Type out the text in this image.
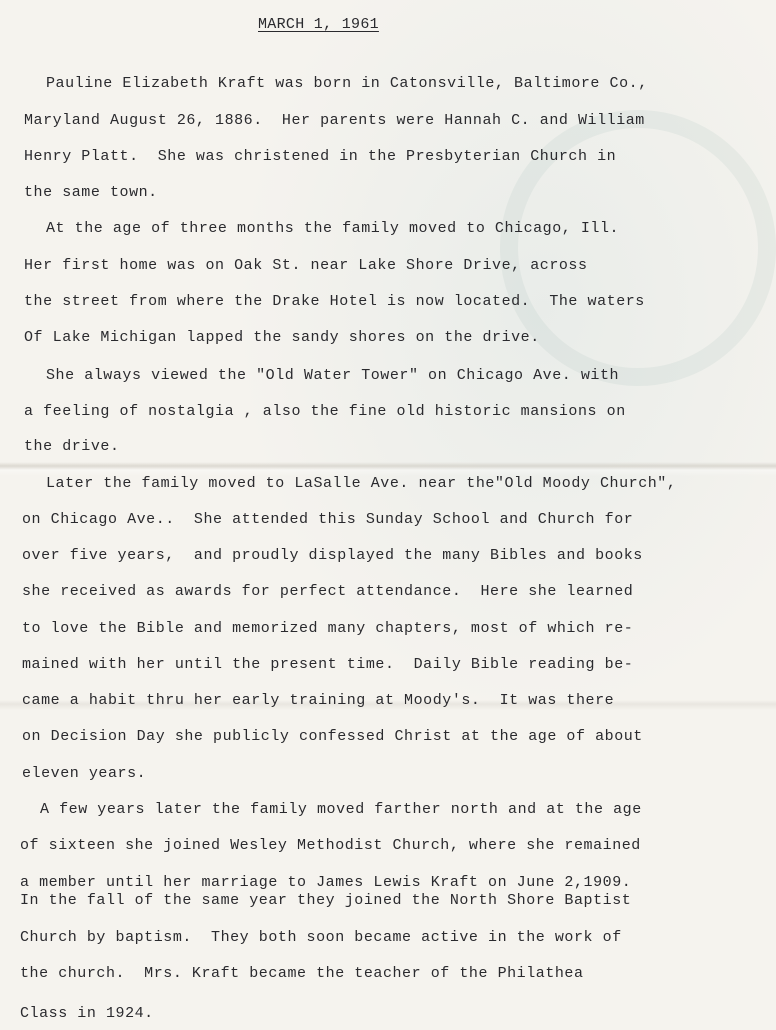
MARCH 1, 1961
Pauline Elizabeth Kraft was born in Catonsville, Baltimore Co.,
Maryland August 26, 1886.  Her parents were Hannah C. and William
Henry Platt.  She was christened in the Presbyterian Church in
the same town.
At the age of three months the family moved to Chicago, Ill.
Her first home was on Oak St. near Lake Shore Drive, across
the street from where the Drake Hotel is now located.  The waters
Of Lake Michigan lapped the sandy shores on the drive.
She always viewed the "Old Water Tower" on Chicago Ave. with
a feeling of nostalgia , also the fine old historic mansions on
the drive.
Later the family moved to LaSalle Ave. near the"Old Moody Church",
on Chicago Ave..  She attended this Sunday School and Church for
over five years,  and proudly displayed the many Bibles and books
she received as awards for perfect attendance.  Here she learned
to love the Bible and memorized many chapters, most of which re-
mained with her until the present time.  Daily Bible reading be-
came a habit thru her early training at Moody's.  It was there
on Decision Day she publicly confessed Christ at the age of about
eleven years.
A few years later the family moved farther north and at the age
of sixteen she joined Wesley Methodist Church, where she remained
a member until her marriage to James Lewis Kraft on June 2,1909.
In the fall of the same year they joined the North Shore Baptist
Church by baptism.  They both soon became active in the work of
the church.  Mrs. Kraft became the teacher of the Philathea
Class in 1924.
